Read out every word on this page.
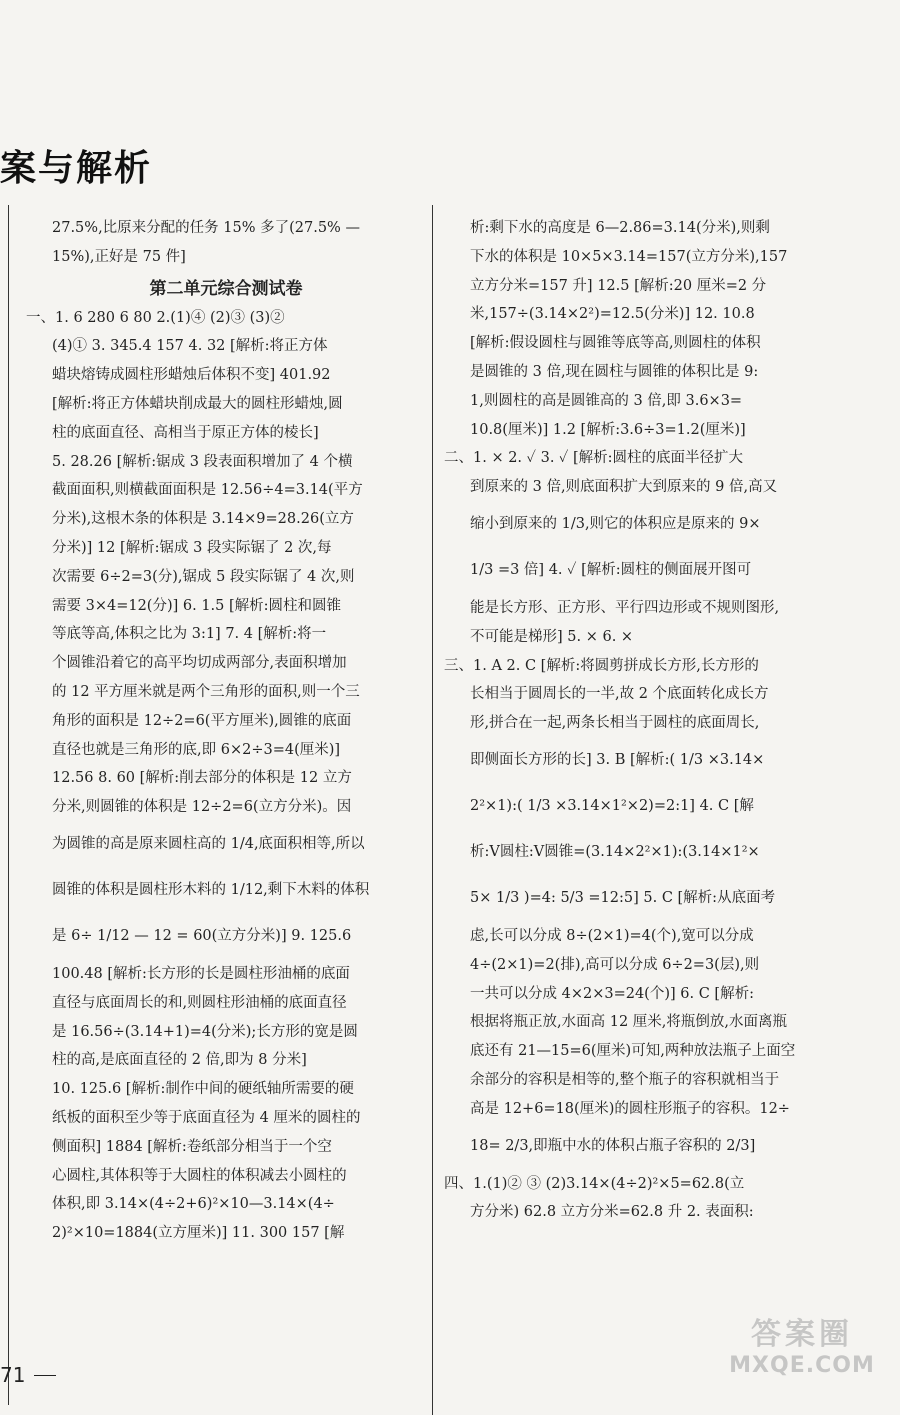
案与解析
27.5%,比原来分配的任务 15% 多了(27.5% —
15%),正好是 75 件]
第二单元综合测试卷
一、1. 6 280 6 80 2.(1)④ (2)③ (3)②
(4)① 3. 345.4 157 4. 32 [解析:将正方体
蜡块熔铸成圆柱形蜡烛后体积不变] 401.92
[解析:将正方体蜡块削成最大的圆柱形蜡烛,圆
柱的底面直径、高相当于原正方体的棱长]
5. 28.26 [解析:锯成 3 段表面积增加了 4 个横
截面面积,则横截面面积是 12.56÷4=3.14(平方
分米),这根木条的体积是 3.14×9=28.26(立方
分米)] 12 [解析:锯成 3 段实际锯了 2 次,每
次需要 6÷2=3(分),锯成 5 段实际锯了 4 次,则
需要 3×4=12(分)] 6. 1.5 [解析:圆柱和圆锥
等底等高,体积之比为 3:1] 7. 4 [解析:将一
个圆锥沿着它的高平均切成两部分,表面积增加
的 12 平方厘米就是两个三角形的面积,则一个三
角形的面积是 12÷2=6(平方厘米),圆锥的底面
直径也就是三角形的底,即 6×2÷3=4(厘米)]
12.56 8. 60 [解析:削去部分的体积是 12 立方
分米,则圆锥的体积是 12÷2=6(立方分米)。因
为圆锥的高是原来圆柱高的 1/4,底面积相等,所以
圆锥的体积是圆柱形木料的 1/12,剩下木料的体积
是 6÷ 1/12 — 12 = 60(立方分米)] 9. 125.6
100.48 [解析:长方形的长是圆柱形油桶的底面
直径与底面周长的和,则圆柱形油桶的底面直径
是 16.56÷(3.14+1)=4(分米);长方形的宽是圆
柱的高,是底面直径的 2 倍,即为 8 分米]
10. 125.6 [解析:制作中间的硬纸轴所需要的硬
纸板的面积至少等于底面直径为 4 厘米的圆柱的
侧面积] 1884 [解析:卷纸部分相当于一个空
心圆柱,其体积等于大圆柱的体积减去小圆柱的
体积,即 3.14×(4÷2+6)²×10—3.14×(4÷
2)²×10=1884(立方厘米)] 11. 300 157 [解
析:剩下水的高度是 6—2.86=3.14(分米),则剩
下水的体积是 10×5×3.14=157(立方分米),157
立方分米=157 升] 12.5 [解析:20 厘米=2 分
米,157÷(3.14×2²)=12.5(分米)] 12. 10.8
[解析:假设圆柱与圆锥等底等高,则圆柱的体积
是圆锥的 3 倍,现在圆柱与圆锥的体积比是 9:
1,则圆柱的高是圆锥高的 3 倍,即 3.6×3=
10.8(厘米)] 1.2 [解析:3.6÷3=1.2(厘米)]
二、1. × 2. ✓ 3. ✓ [解析:圆柱的底面半径扩大
到原来的 3 倍,则底面积扩大到原来的 9 倍,高又
缩小到原来的 1/3,则它的体积应是原来的 9×
1/3 =3 倍] 4. ✓ [解析:圆柱的侧面展开图可
能是长方形、正方形、平行四边形或不规则图形,
不可能是梯形] 5. × 6. ×
三、1. A 2. C [解析:将圆剪拼成长方形,长方形的
长相当于圆周长的一半,故 2 个底面转化成长方
形,拼合在一起,两条长相当于圆柱的底面周长,
即侧面长方形的长] 3. B [解析:( 1/3 ×3.14×
2²×1):( 1/3 ×3.14×1²×2)=2:1] 4. C [解
析:V圆柱:V圆锥=(3.14×2²×1):(3.14×1²×
5× 1/3 )=4: 5/3 =12:5] 5. C [解析:从底面考
虑,长可以分成 8÷(2×1)=4(个),宽可以分成
4÷(2×1)=2(排),高可以分成 6÷2=3(层),则
一共可以分成 4×2×3=24(个)] 6. C [解析:
根据将瓶正放,水面高 12 厘米,将瓶倒放,水面离瓶
底还有 21—15=6(厘米)可知,两种放法瓶子上面空
余部分的容积是相等的,整个瓶子的容积就相当于
高是 12+6=18(厘米)的圆柱形瓶子的容积。12÷
18= 2/3,即瓶中水的体积占瓶子容积的 2/3]
四、1.(1)② ③ (2)3.14×(4÷2)²×5=62.8(立
方分米) 62.8 立方分米=62.8 升 2. 表面积:
71
答案圈
MXQE.COM
